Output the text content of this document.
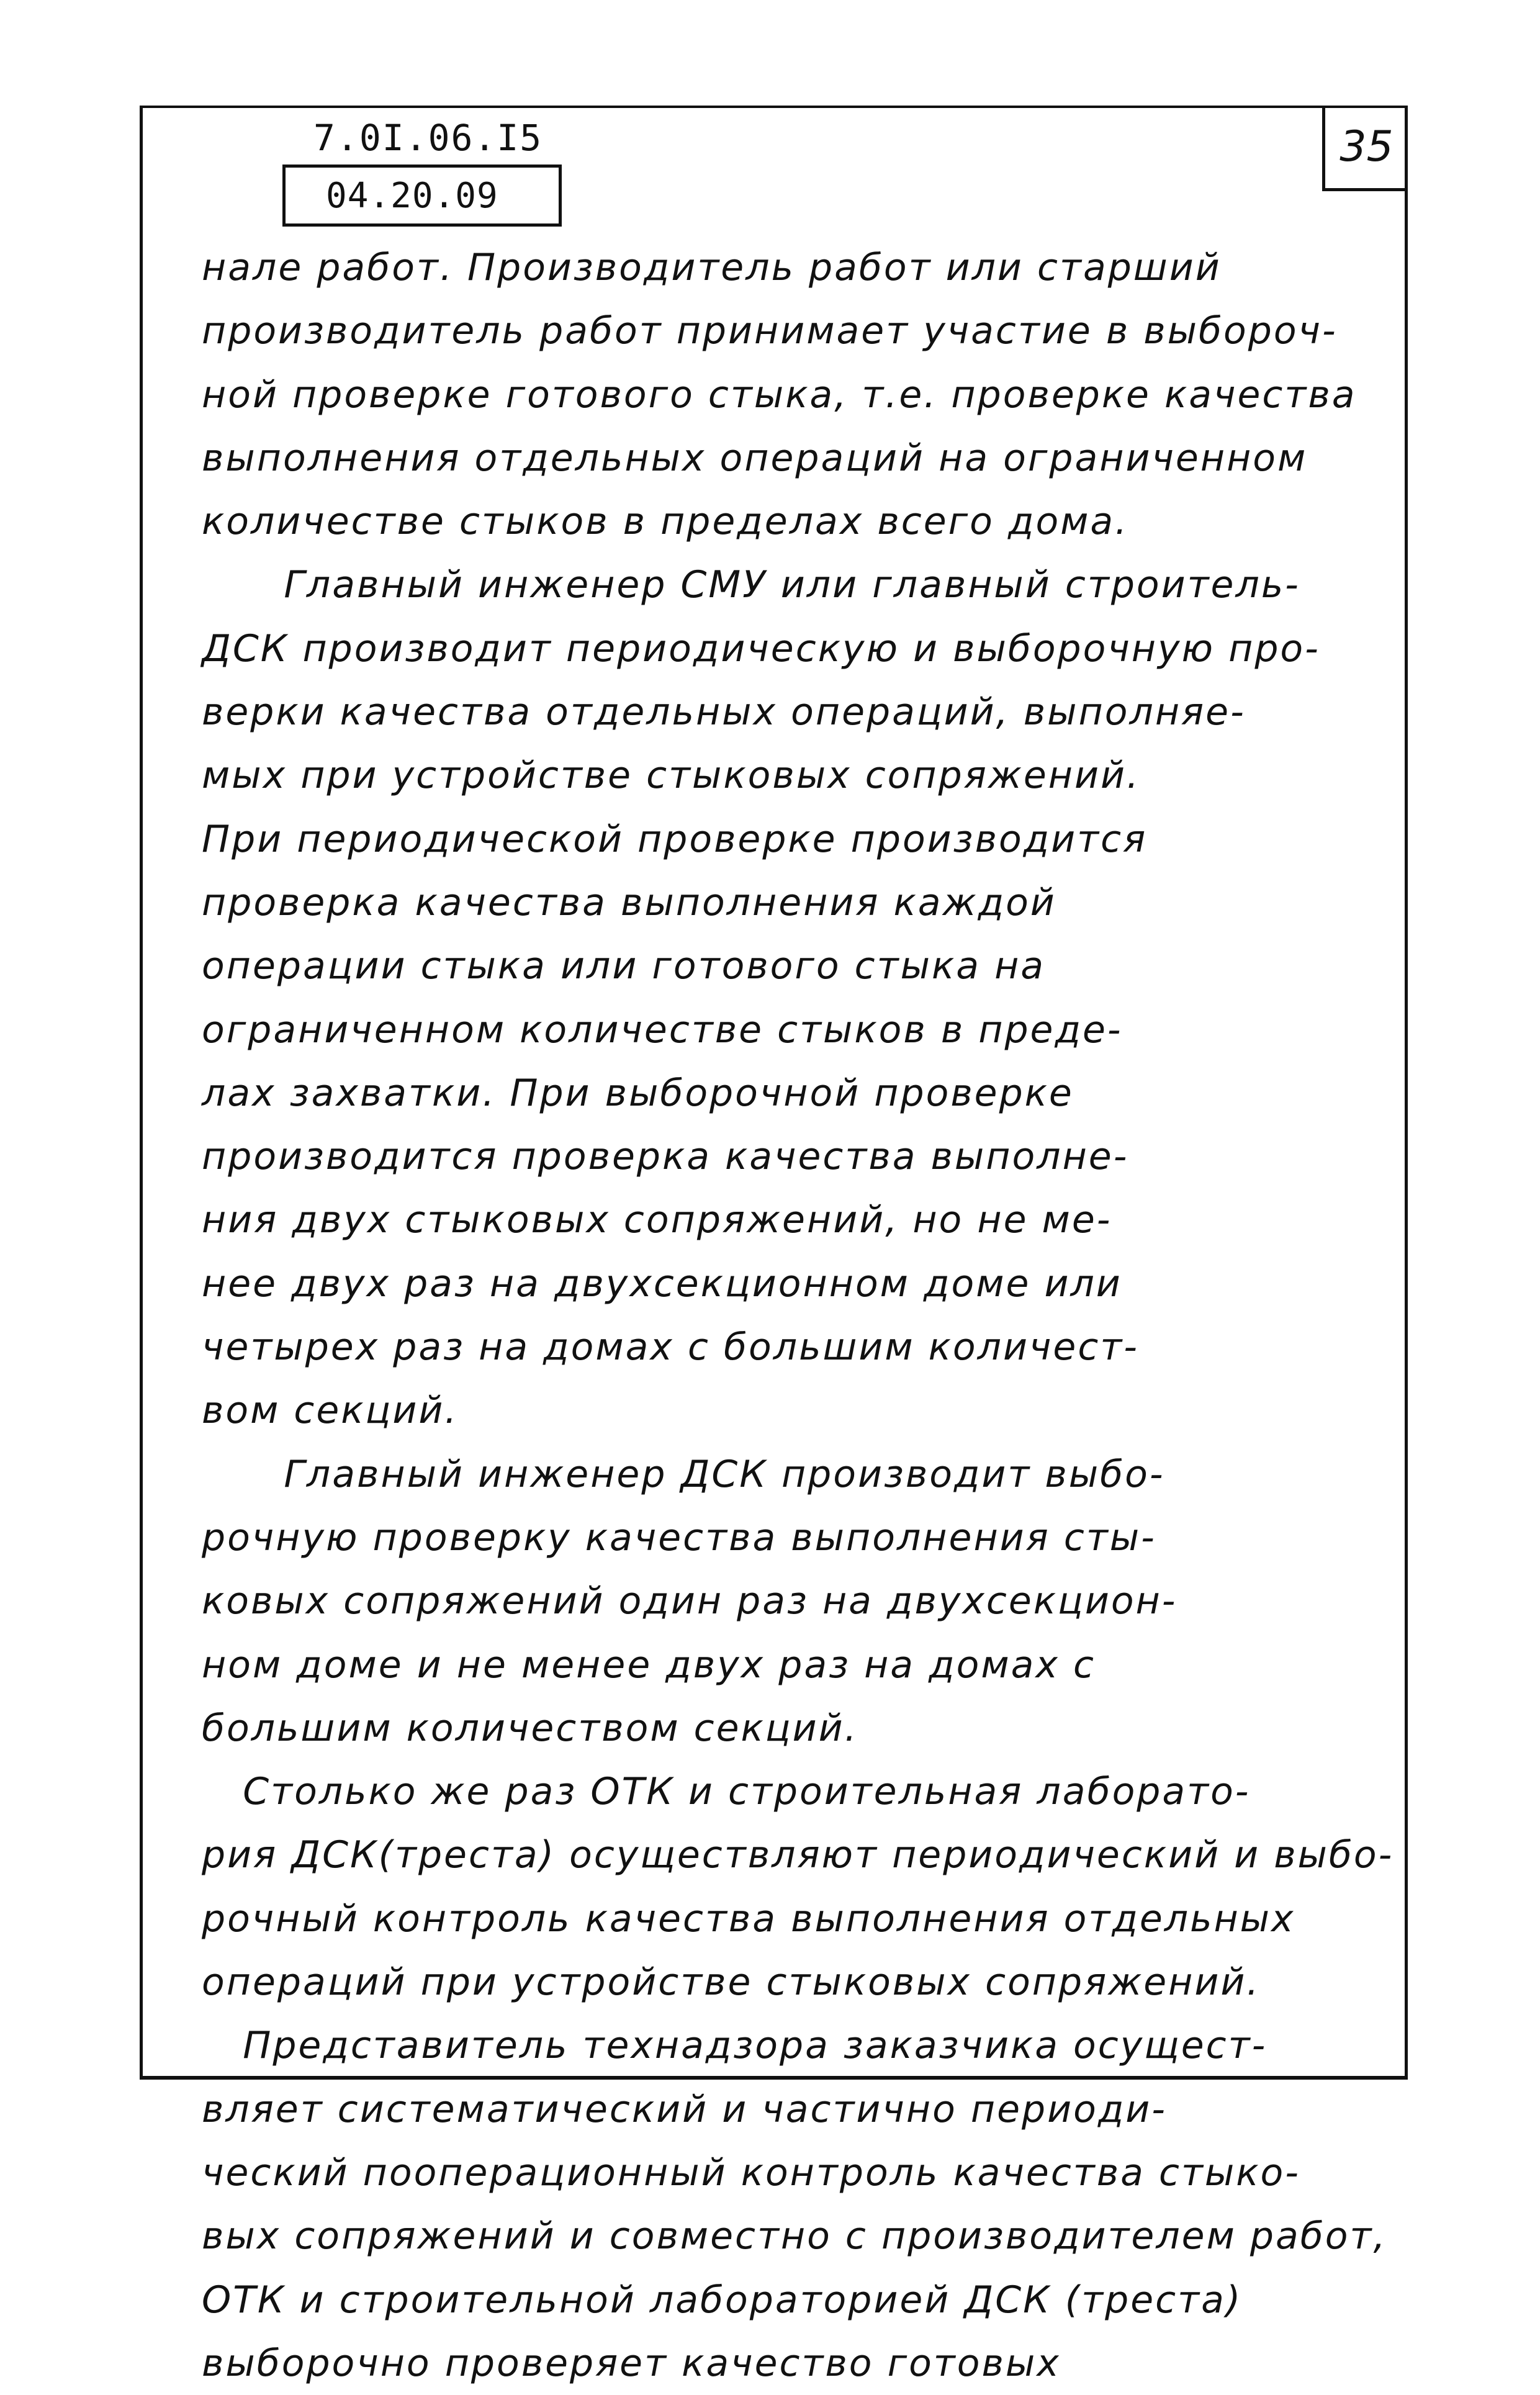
35
7.0I.06.I5
04.20.09
нале работ. Производитель работ или старший
производитель работ принимает участие в выбороч-
ной проверке готового стыка, т.е. проверке качества
выполнения отдельных операций на ограниченном
количестве стыков в пределах всего дома.
Главный инженер СМУ или главный строитель-
ДСК производит периодическую и выборочную про-
верки качества отдельных операций, выполняе-
мых при устройстве стыковых сопряжений.
При периодической проверке производится
проверка качества выполнения каждой
операции стыка или готового стыка на
ограниченном количестве стыков в преде-
лах захватки. При выборочной проверке
производится проверка качества выполне-
ния двух стыковых сопряжений, но не ме-
нее двух раз на двухсекционном доме или
четырех раз на домах с большим количест-
вом секций.
Главный инженер ДСК производит выбо-
рочную проверку качества выполнения сты-
ковых сопряжений один раз на двухсекцион-
ном доме и не менее двух раз на домах с
большим количеством секций.
Столько же раз ОТК и строительная лаборато-
рия ДСК(треста) осуществляют периодический и выбо-
рочный контроль качества выполнения отдельных
операций при устройстве стыковых сопряжений.
Представитель технадзора заказчика осущест-
вляет систематический и частично периоди-
ческий пооперационный контроль качества стыко-
вых сопряжений и совместно с производителем работ,
ОТК и строительной лабораторией ДСК (треста)
выборочно проверяет качество готовых
